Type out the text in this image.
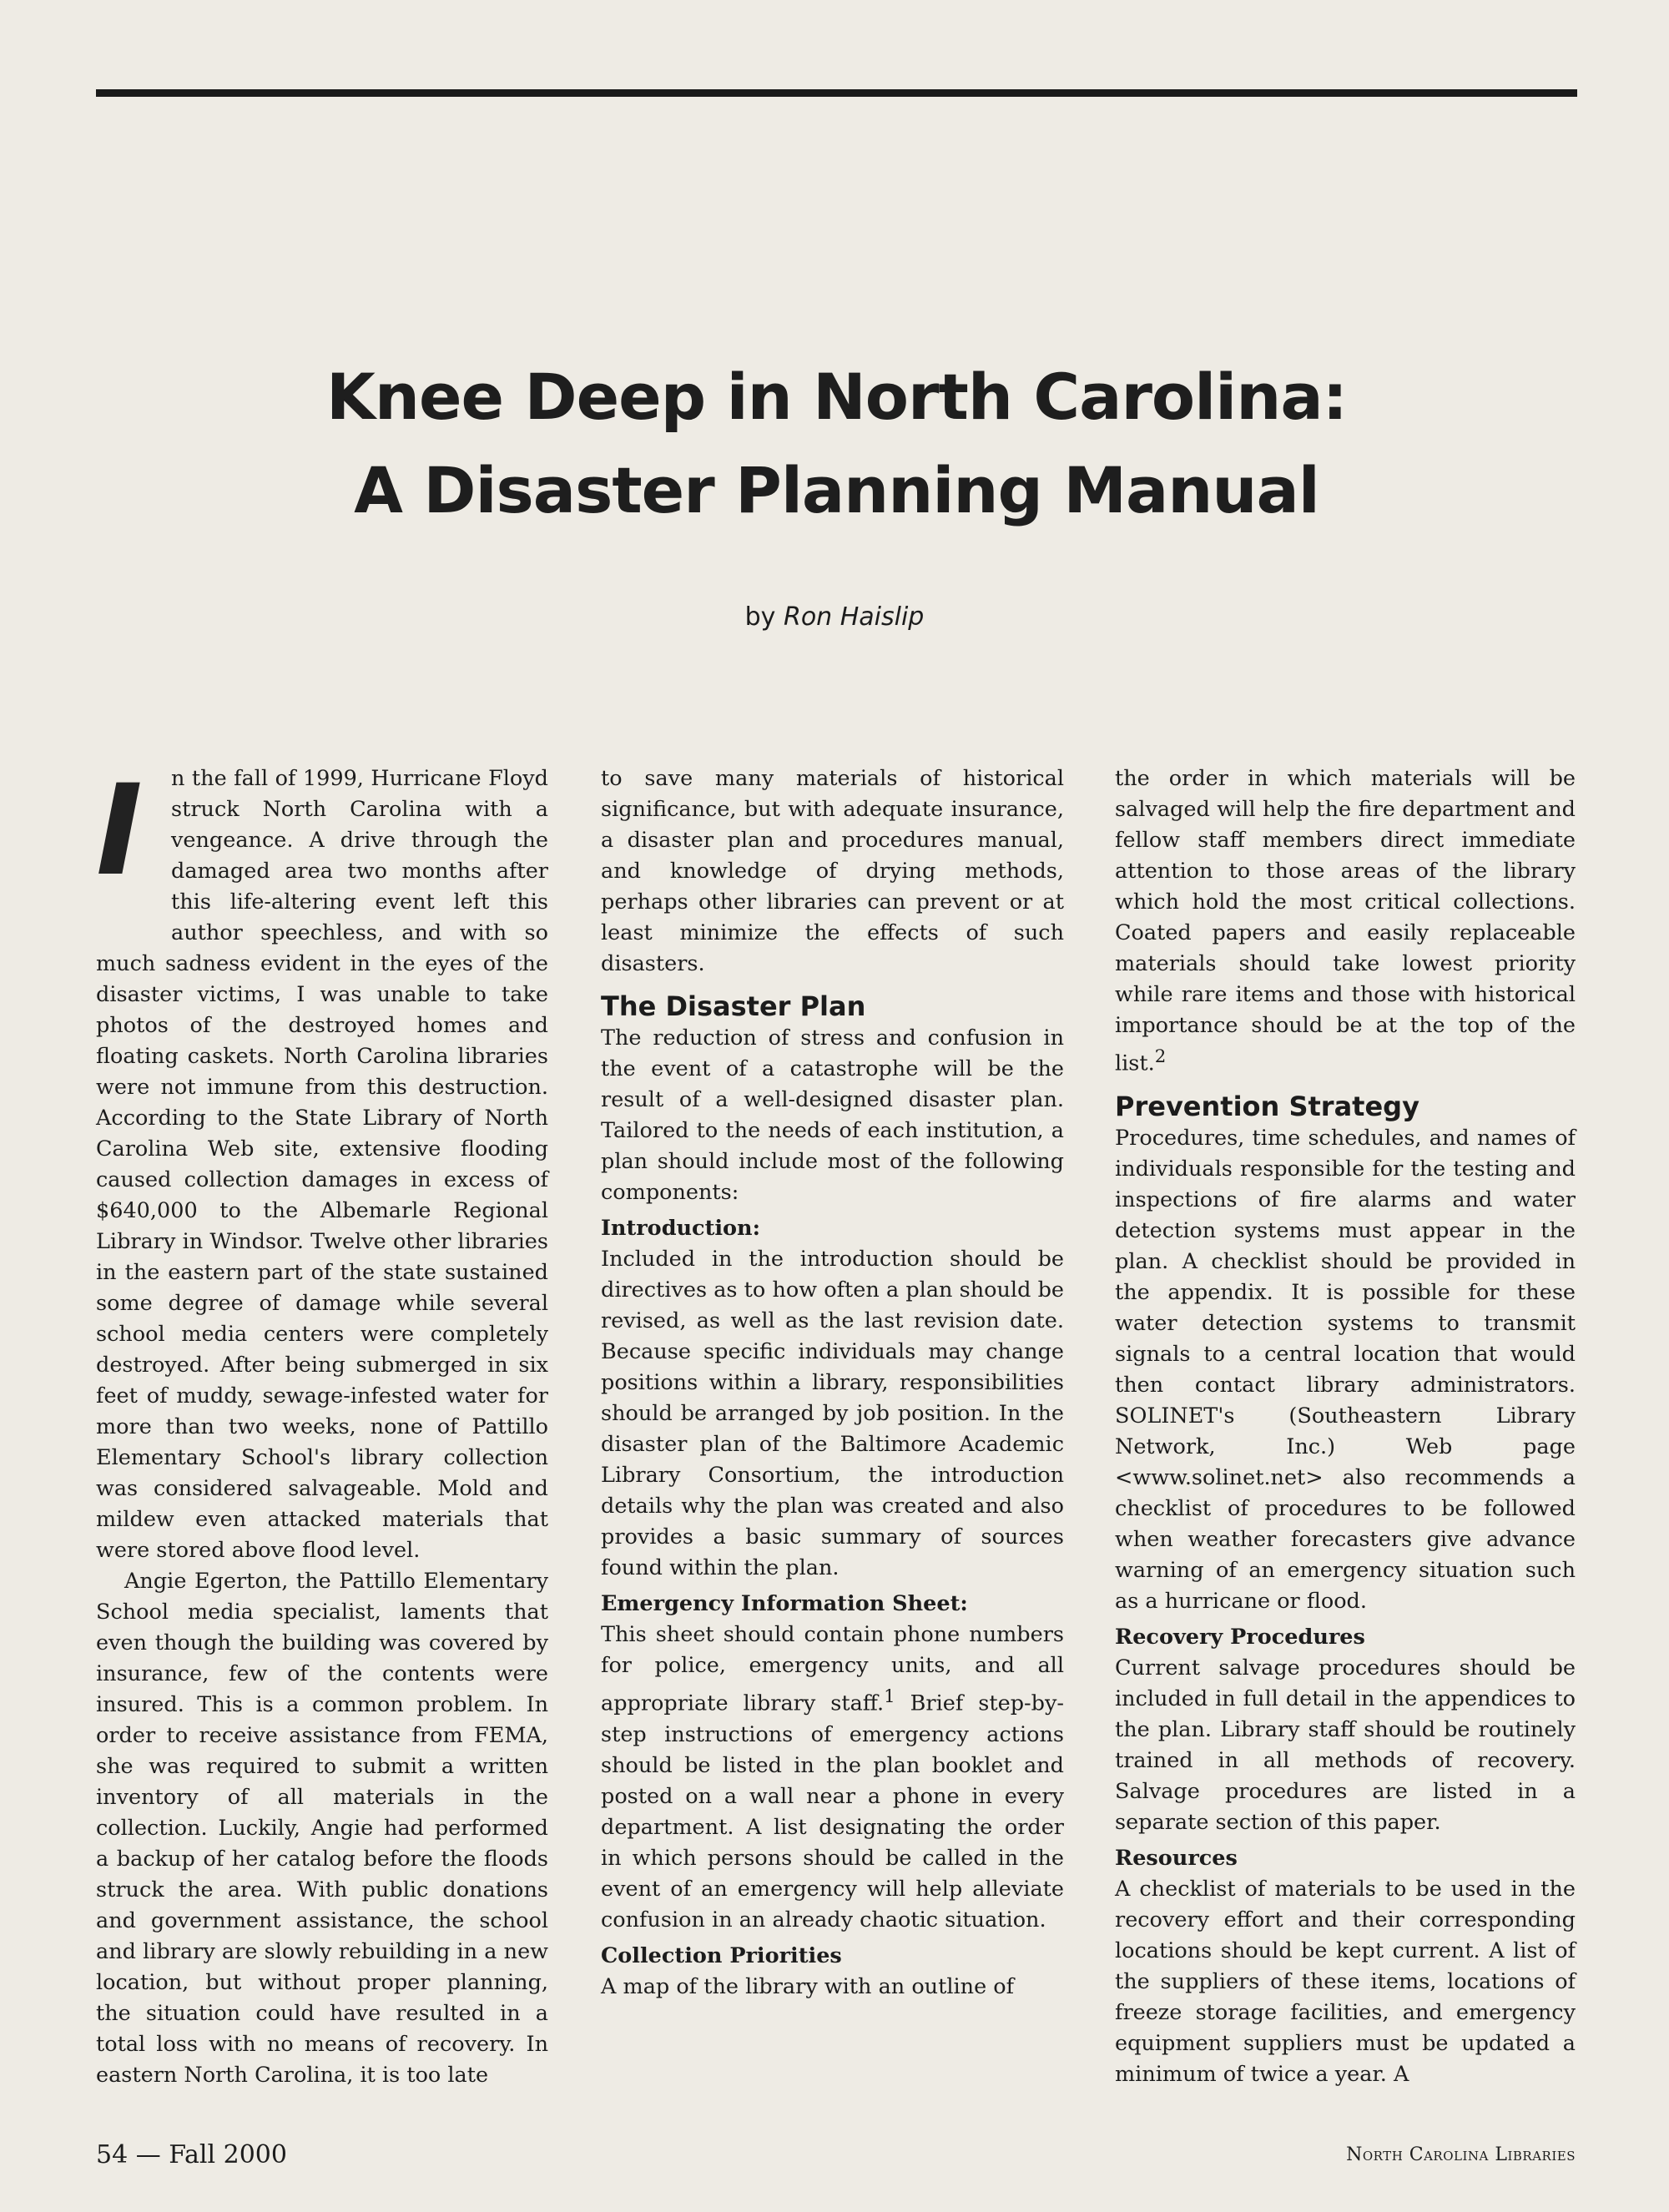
Knee Deep in North Carolina:
A Disaster Planning Manual
by Ron Haislip

I	n the fall of 1999, Hurricane Floyd struck North Carolina with a vengeance. A drive through the damaged area two months after this life-altering event left this author speechless, and with so much sadness evident in the eyes of the disaster victims, I was unable to take photos of the destroyed homes and floating caskets. North Carolina libraries were not immune from this destruction. According to the State Library of North Carolina Web site, extensive flooding caused collection damages in excess of $640,000 to the Albemarle Regional Library in Windsor. Twelve other libraries in the eastern part of the state sustained some degree of damage while several school media centers were completely destroyed. After being submerged in six feet of muddy, sewage-infested water for more than two weeks, none of Pattillo Elementary School's library collection was considered salvageable. Mold and mildew even attacked materials that were stored above flood level.

Angie Egerton, the Pattillo Elementary School media specialist, laments that even though the building was covered by insurance, few of the contents were insured. This is a common problem. In order to receive assistance from FEMA, she was required to submit a written inventory of all materials in the collection. Luckily, Angie had performed a backup of her catalog before the floods struck the area. With public donations and government assistance, the school and library are slowly rebuilding in a new location, but without proper planning, the situation could have resulted in a total loss with no means of recovery. In eastern North Carolina, it is too late

to save many materials of historical significance, but with adequate insurance, a disaster plan and procedures manual, and knowledge of drying methods, perhaps other libraries can prevent or at least minimize the effects of such disasters.

The Disaster Plan

The reduction of stress and confusion in the event of a catastrophe will be the result of a well-designed disaster plan. Tailored to the needs of each institution, a plan should include most of the following components:

Introduction:

Included in the introduction should be directives as to how often a plan should be revised, as well as the last revision date. Because specific individuals may change positions within a library, responsibilities should be arranged by job position. In the disaster plan of the Baltimore Academic Library Consortium, the introduction details why the plan was created and also provides a basic summary of sources found within the plan.

Emergency Information Sheet:

This sheet should contain phone numbers for police, emergency units, and all appropriate library staff.$^1$ Brief step-by-step instructions of emergency actions should be listed in the plan booklet and posted on a wall near a phone in every department. A list designating the order in which persons should be called in the event of an emergency will help alleviate confusion in an already chaotic situation.

Collection Priorities

A map of the library with an outline of

the order in which materials will be salvaged will help the fire department and fellow staff members direct immediate attention to those areas of the library which hold the most critical collections. Coated papers and easily replaceable materials should take lowest priority while rare items and those with historical importance should be at the top of the list.$^2$

Prevention Strategy

Procedures, time schedules, and names of individuals responsible for the testing and inspections of fire alarms and water detection systems must appear in the plan. A checklist should be provided in the appendix. It is possible for these water detection systems to transmit signals to a central location that would then contact library administrators. SOLINET's (Southeastern Library Network, Inc.) Web page <www.solinet.net> also recommends a checklist of procedures to be followed when weather forecasters give advance warning of an emergency situation such as a hurricane or flood.

Recovery Procedures

Current salvage procedures should be included in full detail in the appendices to the plan. Library staff should be routinely trained in all methods of recovery. Salvage procedures are listed in a separate section of this paper.

Resources

A checklist of materials to be used in the recovery effort and their corresponding locations should be kept current. A list of the suppliers of these items, locations of freeze storage facilities, and emergency equipment suppliers must be updated a minimum of twice a year. A

54 — Fall 2000	North Carolina Libraries
